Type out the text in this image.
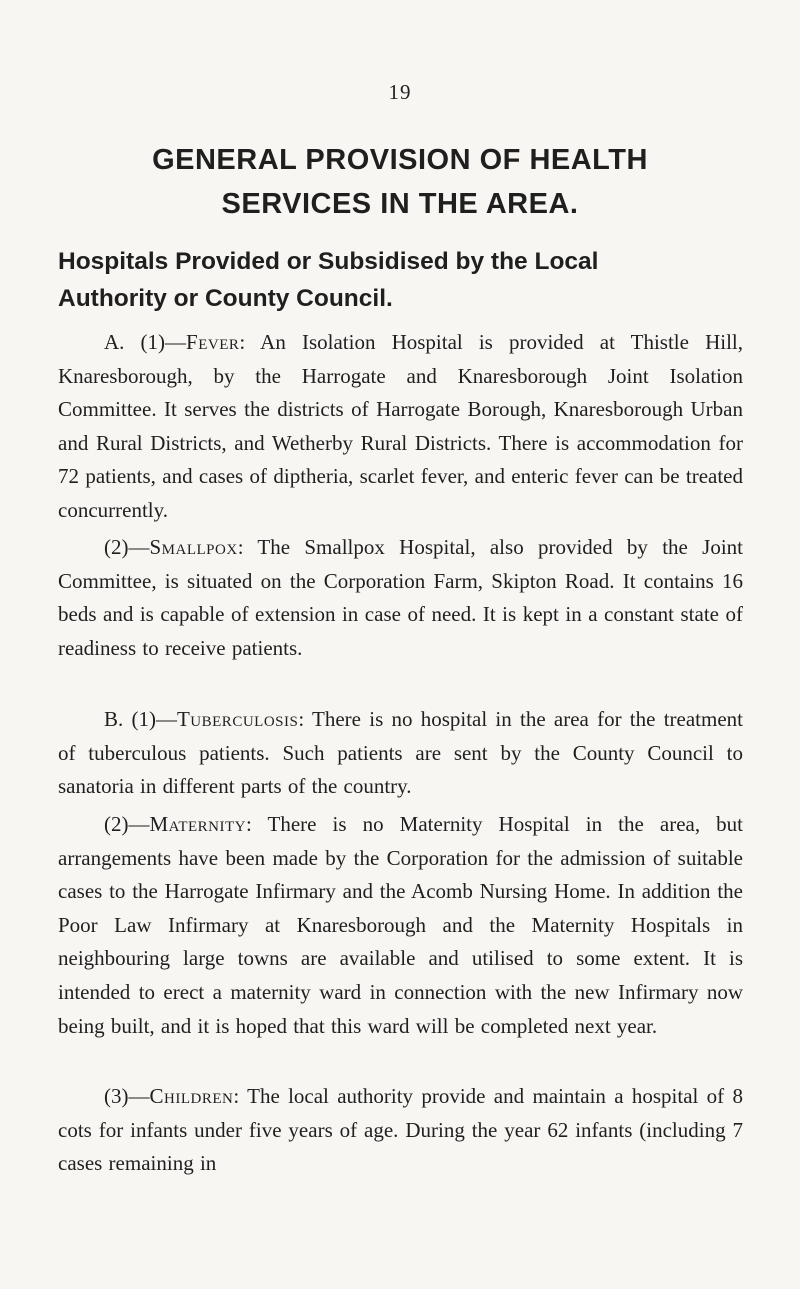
19
GENERAL PROVISION OF HEALTH
SERVICES IN THE AREA.
Hospitals Provided or Subsidised by the Local
Authority or County Council.

A. (1)—Fever: An Isolation Hospital is provided at Thistle Hill, Knaresborough, by the Harrogate and Knaresborough Joint Isolation Committee. It serves the districts of Harrogate Borough, Knaresborough Urban and Rural Districts, and Wetherby Rural Districts. There is accommodation for 72 patients, and cases of diptheria, scarlet fever, and enteric fever can be treated concurrently.

(2)—Smallpox: The Smallpox Hospital, also provided by the Joint Committee, is situated on the Corporation Farm, Skipton Road. It contains 16 beds and is capable of extension in case of need. It is kept in a constant state of readiness to receive patients.

B. (1)—Tuberculosis: There is no hospital in the area for the treatment of tuberculous patients. Such patients are sent by the County Council to sanatoria in different parts of the country.

(2)—Maternity: There is no Maternity Hospital in the area, but arrangements have been made by the Corporation for the admission of suitable cases to the Harrogate Infirmary and the Acomb Nursing Home. In addition the Poor Law Infirmary at Knaresborough and the Maternity Hospitals in neighbouring large towns are available and utilised to some extent. It is intended to erect a maternity ward in connection with the new Infirmary now being built, and it is hoped that this ward will be completed next year.

(3)—Children: The local authority provide and maintain a hospital of 8 cots for infants under five years of age. During the year 62 infants (including 7 cases remaining in
